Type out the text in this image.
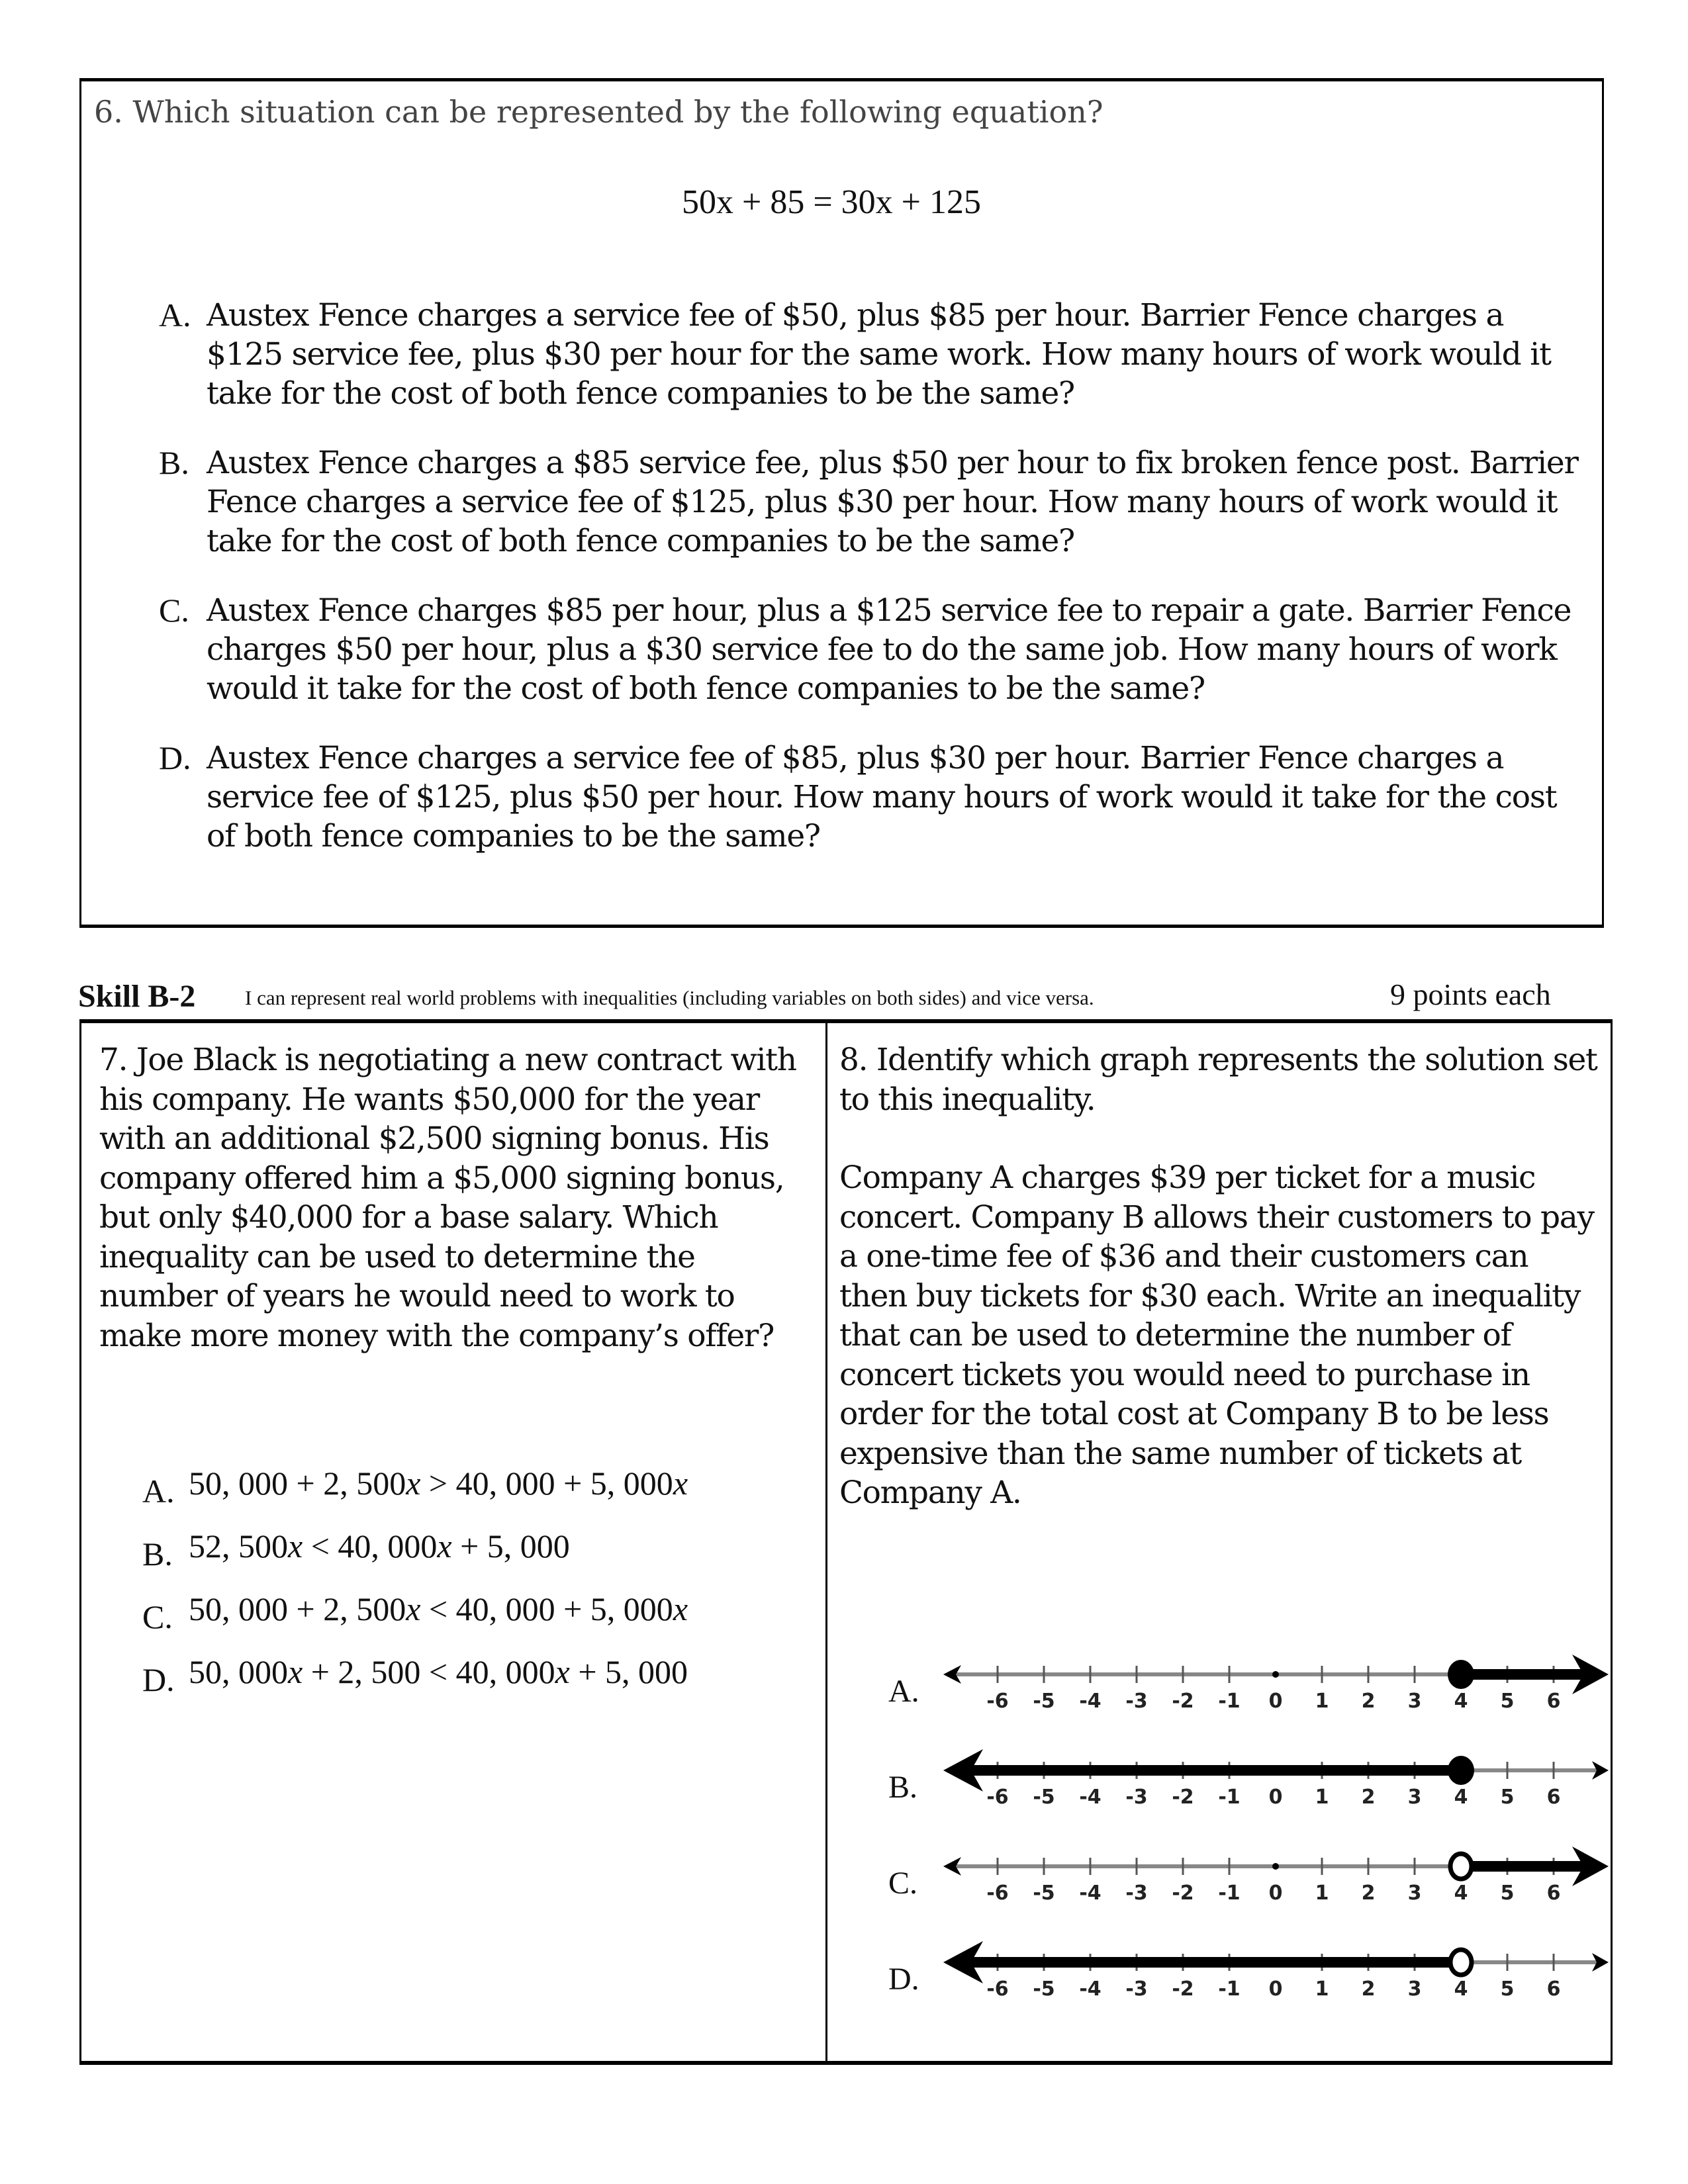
6. Which situation can be represented by the following equation?
50x + 85 = 30x + 125
A. Austex Fence charges a service fee of $50, plus $85 per hour. Barrier Fence charges a $125 service fee, plus $30 per hour for the same work. How many hours of work would it take for the cost of both fence companies to be the same?
B. Austex Fence charges a $85 service fee, plus $50 per hour to fix broken fence post. Barrier Fence charges a service fee of $125, plus $30 per hour. How many hours of work would it take for the cost of both fence companies to be the same?
C. Austex Fence charges $85 per hour, plus a $125 service fee to repair a gate. Barrier Fence charges $50 per hour, plus a $30 service fee to do the same job. How many hours of work would it take for the cost of both fence companies to be the same?
D. Austex Fence charges a service fee of $85, plus $30 per hour. Barrier Fence charges a service fee of $125, plus $50 per hour. How many hours of work would it take for the cost of both fence companies to be the same?
Skill B-2 I can represent real world problems with inequalities (including variables on both sides) and vice versa.	9 points each
7. Joe Black is negotiating a new contract with his company. He wants $50,000 for the year with an additional $2,500 signing bonus. His company offered him a $5,000 signing bonus, but only $40,000 for a base salary. Which inequality can be used to determine the number of years he would need to work to make more money with the company’s offer?
A. 50, 000 + 2, 500x > 40, 000 + 5, 000x
B. 52, 500x < 40, 000x + 5, 000
C. 50, 000 + 2, 500x < 40, 000 + 5, 000x
D. 50, 000x + 2, 500 < 40, 000x + 5, 000

8. Identify which graph represents the solution set to this inequality.

Company A charges $39 per ticket for a music concert. Company B allows their customers to pay a one-time fee of $36 and their customers can then buy tickets for $30 each. Write an inequality that can be used to determine the number of concert tickets you would need to purchase in order for the total cost at Company B to be less expensive than the same number of tickets at Company A.

A.	-6 -5 -4 -3 -2 -1 0 1 2 3 4 5 6
B.	-6 -5 -4 -3 -2 -1 0 1 2 3 4 5 6
C.	-6 -5 -4 -3 -2 -1 0 1 2 3 4 5 6
D.	-6 -5 -4 -3 -2 -1 0 1 2 3 4 5 6
